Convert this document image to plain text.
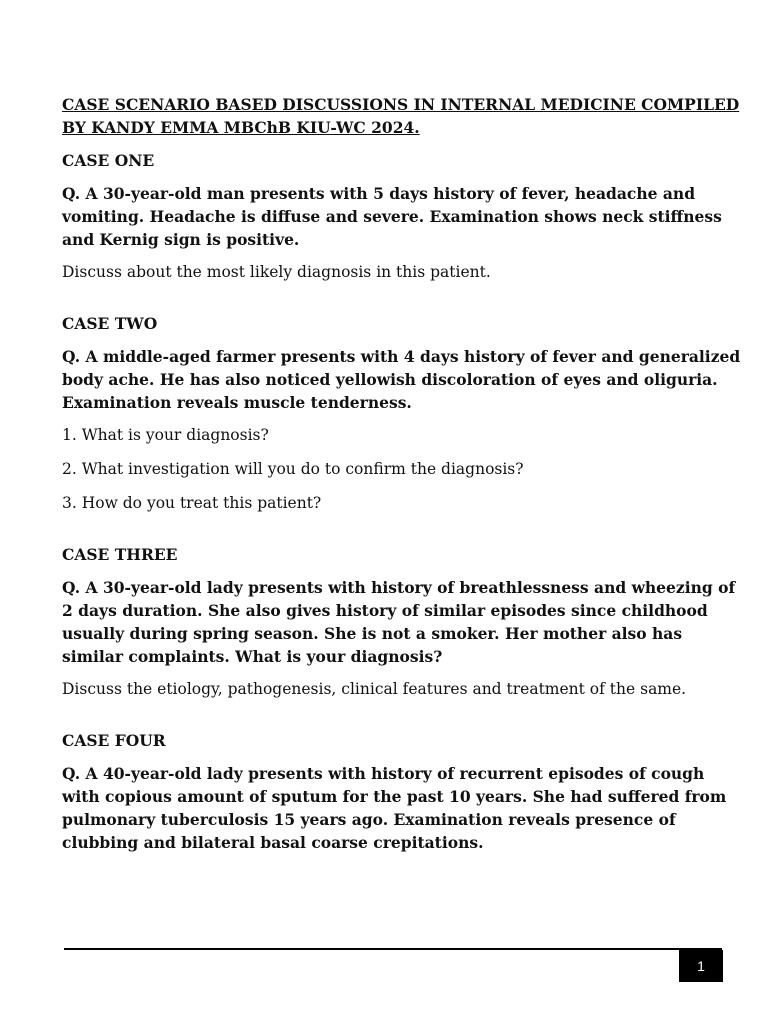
CASE SCENARIO BASED DISCUSSIONS IN INTERNAL MEDICINE COMPILED BY KANDY EMMA MBChB KIU-WC 2024.
CASE ONE
Q. A 30-year-old man presents with 5 days history of fever, headache and vomiting. Headache is diffuse and severe. Examination shows neck stiffness and Kernig sign is positive.
Discuss about the most likely diagnosis in this patient.
CASE TWO
Q. A middle-aged farmer presents with 4 days history of fever and generalized body ache. He has also noticed yellowish discoloration of eyes and oliguria. Examination reveals muscle tenderness.
1. What is your diagnosis?
2. What investigation will you do to confirm the diagnosis?
3. How do you treat this patient?
CASE THREE
Q. A 30-year-old lady presents with history of breathlessness and wheezing of 2 days duration. She also gives history of similar episodes since childhood usually during spring season. She is not a smoker. Her mother also has similar complaints. What is your diagnosis?
Discuss the etiology, pathogenesis, clinical features and treatment of the same.
CASE FOUR
Q. A 40-year-old lady presents with history of recurrent episodes of cough with copious amount of sputum for the past 10 years. She had suffered from pulmonary tuberculosis 15 years ago. Examination reveals presence of clubbing and bilateral basal coarse crepitations.
1
